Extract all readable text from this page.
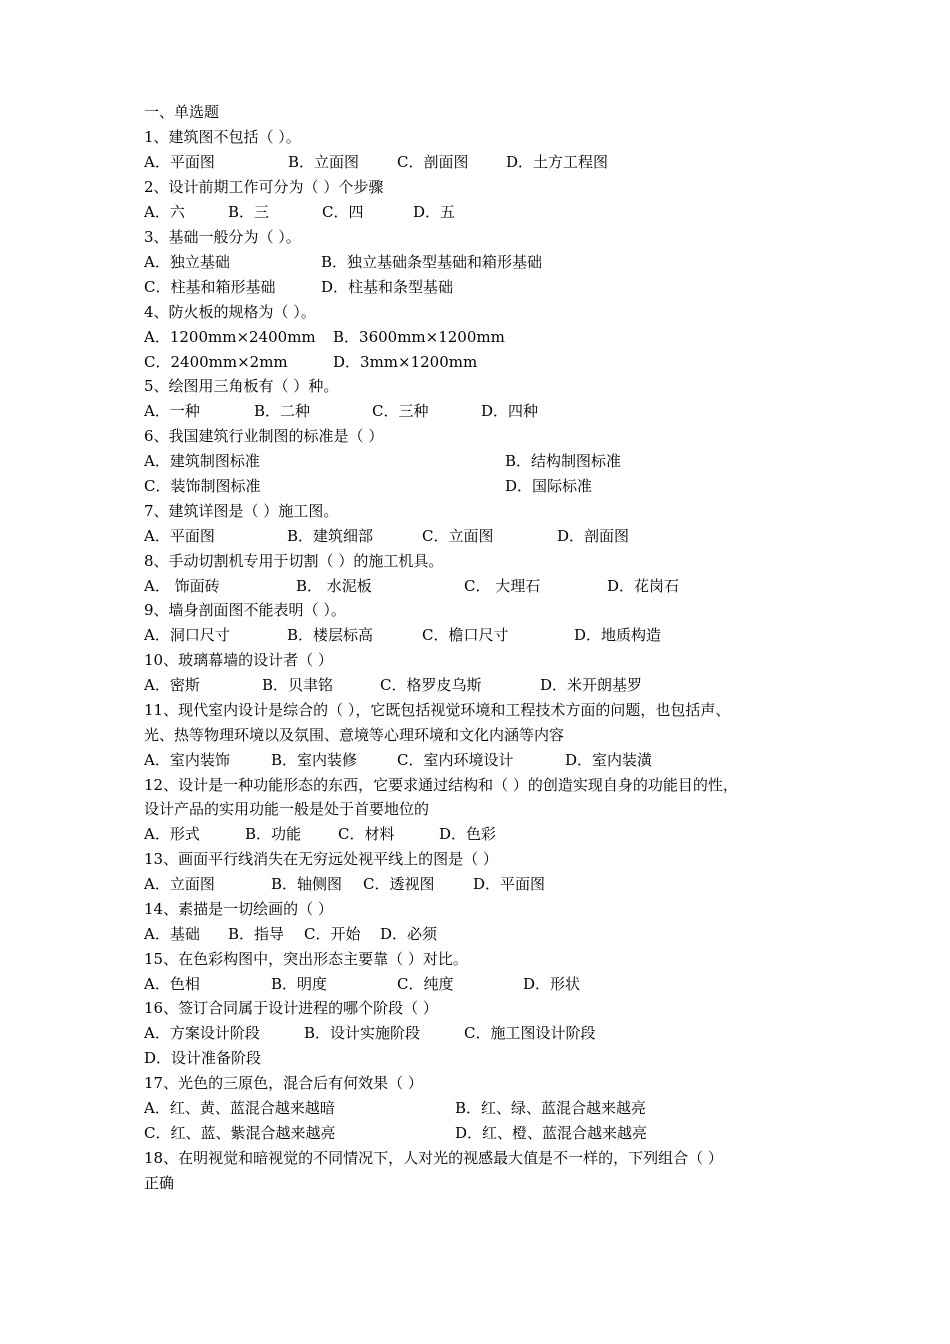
一、单选题
1、建筑图不包括（ ）。
A．平面图	B．立面图	C．剖面图	D．土方工程图
2、设计前期工作可分为（ ）个步骤
A．六	B．三	C．四	D．五
3、基础一般分为（ ）。
A．独立基础	B．独立基础条型基础和箱形基础
C．柱基和箱形基础	D．柱基和条型基础
4、防火板的规格为（ ）。
A．1200mm×2400mm B．3600mm×1200mm
C．2400mm×2mm	D．3mm×1200mm
5、绘图用三角板有（ ）种。
A．一种	B．二种	C．三种	D．四种
6、我国建筑行业制图的标准是（ ）
A．建筑制图标准	B．结构制图标准
C．装饰制图标准	D．国际标准
7、建筑详图是（ ）施工图。
A．平面图	B．建筑细部	C．立面图	D．剖面图
8、手动切割机专用于切割（ ）的施工机具。
A． 饰面砖	B． 水泥板	C． 大理石	D．花岗石
9、墙身剖面图不能表明（ ）。
A．洞口尺寸	B．楼层标高	C．檐口尺寸	D．地质构造
10、玻璃幕墙的设计者（ ）
A．密斯	B．贝聿铭	C．格罗皮乌斯	D．米开朗基罗
11、现代室内设计是综合的（ ），它既包括视觉环境和工程技术方面的问题，也包括声、
光、热等物理环境以及氛围、意境等心理环境和文化内涵等内容
A．室内装饰	B．室内装修	C．室内环境设计	D．室内装潢
12、设计是一种功能形态的东西，它要求通过结构和（ ）的创造实现自身的功能目的性，
设计产品的实用功能一般是处于首要地位的
A．形式	B．功能 C．材料	D．色彩
13、画面平行线消失在无穷远处视平线上的图是（ ）
A．立面图	B．轴侧图 C．透视图	D．平面图
14、素描是一切绘画的（ ）
A．基础 B．指导 C．开始 D．必须
15、在色彩构图中，突出形态主要靠（ ）对比。
A．色相	B．明度	C．纯度	D．形状
16、签订合同属于设计进程的哪个阶段（ ）
A．方案设计阶段	B．设计实施阶段	C．施工图设计阶段
D．设计准备阶段
17、光色的三原色，混合后有何效果（ ）
A．红、黄、蓝混合越来越暗	B．红、绿、蓝混合越来越亮
C．红、蓝、紫混合越来越亮	D．红、橙、蓝混合越来越亮
18、在明视觉和暗视觉的不同情况下，人对光的视感最大值是不一样的，下列组合（ ）
正确
